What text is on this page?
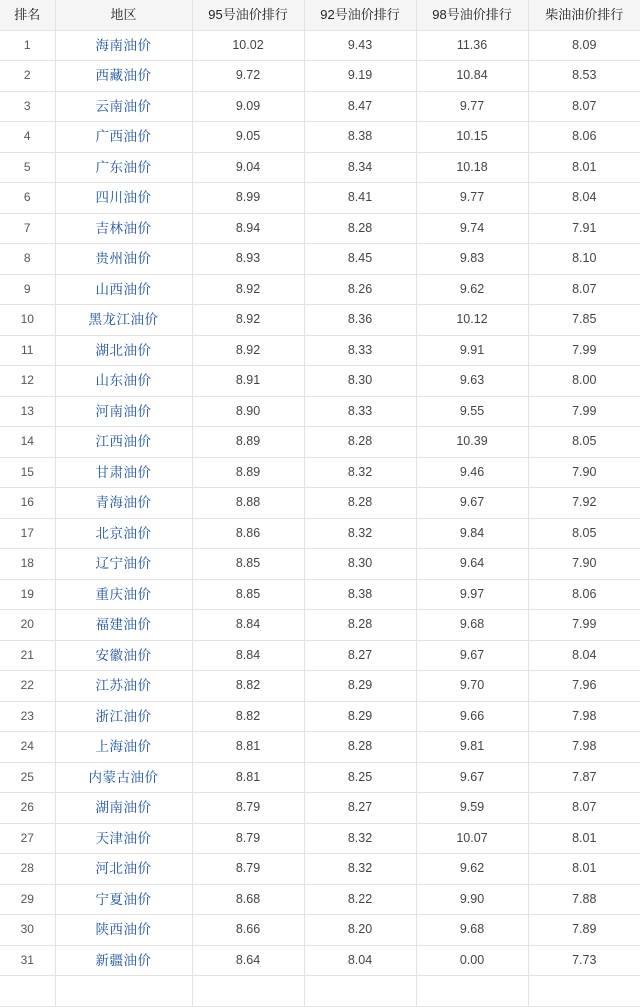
排名	地区	95号油价排行	92号油价排行	98号油价排行	柴油油价排行
1	海南油价	10.02	9.43	11.36	8.09
2	西藏油价	9.72	9.19	10.84	8.53
3	云南油价	9.09	8.47	9.77	8.07
4	广西油价	9.05	8.38	10.15	8.06
5	广东油价	9.04	8.34	10.18	8.01
6	四川油价	8.99	8.41	9.77	8.04
7	吉林油价	8.94	8.28	9.74	7.91
8	贵州油价	8.93	8.45	9.83	8.10
9	山西油价	8.92	8.26	9.62	8.07
10	黑龙江油价	8.92	8.36	10.12	7.85
11	湖北油价	8.92	8.33	9.91	7.99
12	山东油价	8.91	8.30	9.63	8.00
13	河南油价	8.90	8.33	9.55	7.99
14	江西油价	8.89	8.28	10.39	8.05
15	甘肃油价	8.89	8.32	9.46	7.90
16	青海油价	8.88	8.28	9.67	7.92
17	北京油价	8.86	8.32	9.84	8.05
18	辽宁油价	8.85	8.30	9.64	7.90
19	重庆油价	8.85	8.38	9.97	8.06
20	福建油价	8.84	8.28	9.68	7.99
21	安徽油价	8.84	8.27	9.67	8.04
22	江苏油价	8.82	8.29	9.70	7.96
23	浙江油价	8.82	8.29	9.66	7.98
24	上海油价	8.81	8.28	9.81	7.98
25	内蒙古油价	8.81	8.25	9.67	7.87
26	湖南油价	8.79	8.27	9.59	8.07
27	天津油价	8.79	8.32	10.07	8.01
28	河北油价	8.79	8.32	9.62	8.01
29	宁夏油价	8.68	8.22	9.90	7.88
30	陕西油价	8.66	8.20	9.68	7.89
31	新疆油价	8.64	8.04	0.00	7.73
